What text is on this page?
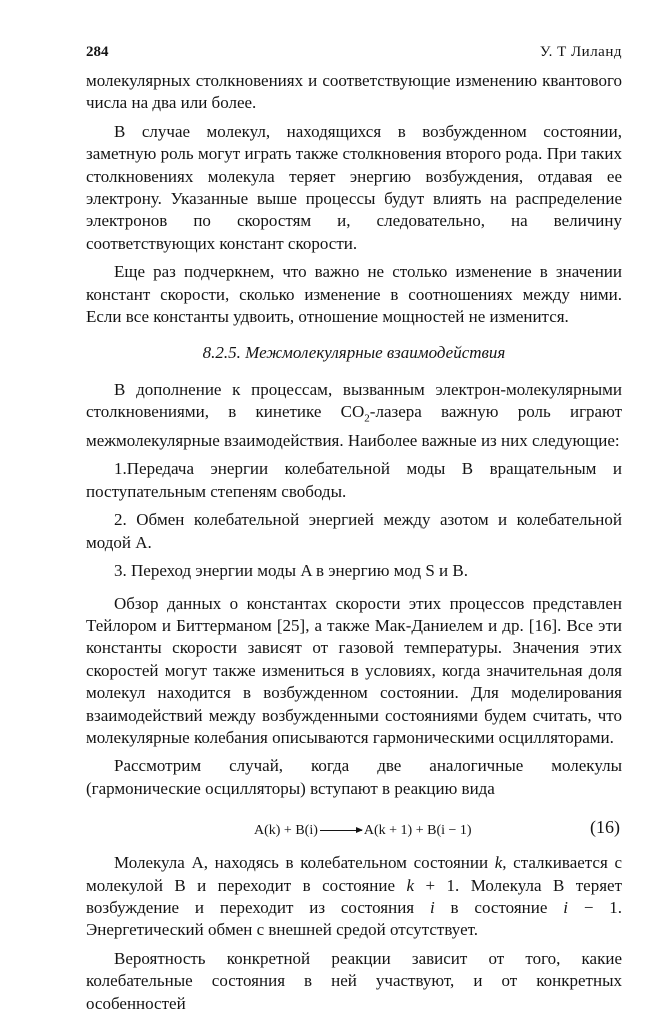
284	У. Т Лиланд

молекулярных столкновениях и соответствующие изменению квантового числа на два или более.

В случае молекул, находящихся в возбужденном состоянии, заметную роль могут играть также столкновения второго рода. При таких столкновениях молекула теряет энергию возбуждения, отдавая ее электрону. Указанные выше процессы будут влиять на распределение электронов по скоростям и, следовательно, на величину соответствующих констант скорости.

Еще раз подчеркнем, что важно не столько изменение в значении констант скорости, сколько изменение в соотношениях между ними. Если все константы удвоить, отношение мощностей не изменится.

8.2.5. Межмолекулярные взаимодействия

В дополнение к процессам, вызванным электрон-молекулярными столкновениями, в кинетике $CO_2$-лазера важную роль играют межмолекулярные взаимодействия. Наиболее важные из них следующие:

1.Передача энергии колебательной моды B вращательным и поступательным степеням свободы.

2. Обмен колебательной энергией между азотом и колебательной модой A.

3. Переход энергии моды A в энергию мод S и B.

Обзор данных о константах скорости этих процессов представлен Тейлором и Биттерманом [25], а также Мак-Даниелем и др. [16]. Все эти константы скорости зависят от газовой температуры. Значения этих скоростей могут также измениться в условиях, когда значительная доля молекул находится в возбужденном состоянии. Для моделирования взаимодействий между возбужденными состояниями будем считать, что молекулярные колебания описываются гармоническими осцилляторами.

Рассмотрим случай, когда две аналогичные молекулы (гармонические осцилляторы) вступают в реакцию вида

A(k) + B(i) → A(k + 1) + B(i − 1)	(16)

Молекула A, находясь в колебательном состоянии k, сталкивается с молекулой B и переходит в состояние k + 1. Молекула B теряет возбуждение и переходит из состояния i в состояние i − 1. Энергетический обмен с внешней средой отсутствует.

Вероятность конкретной реакции зависит от того, какие колебательные состояния в ней участвуют, и от конкретных особенностей
